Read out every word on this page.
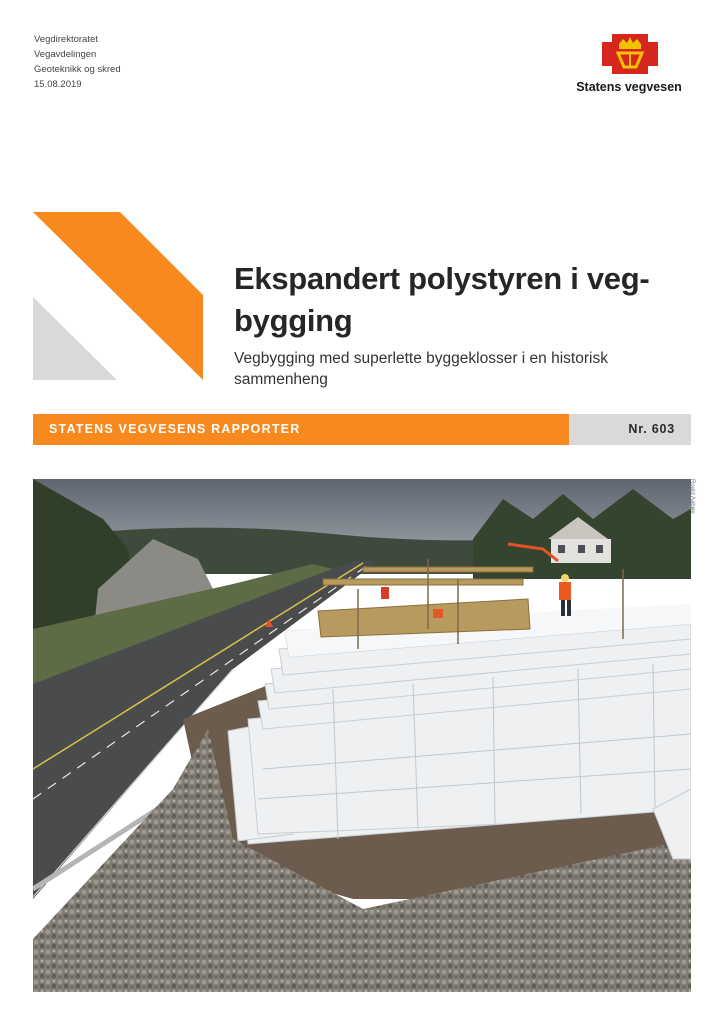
Vegdirektoratet
Vegavdelingen
Geoteknikk og skred
15.08.2019	Statens vegvesen
Ekspandert polystyren i veg-bygging

Vegbygging med superlette byggeklosser i en historisk sammenheng

STATENS VEGVESENS RAPPORTER	Nr. 603
Roald Aabøe
